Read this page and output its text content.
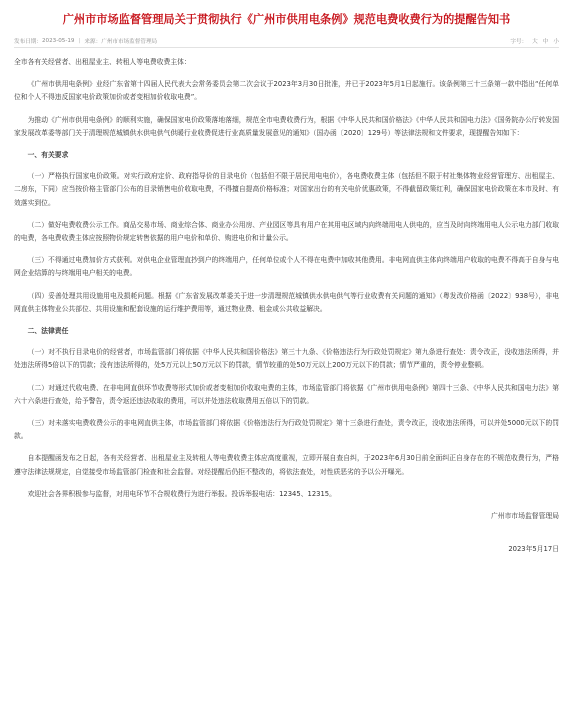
广州市市场监督管理局关于贯彻执行《广州市供用电条例》规范电费收费行为的提醒告知书
发布日期： 2023-05-19 | 来源： 广州市市场监督管理局	字号： 大 中 小

全市各有关经营者、出租屋业主、转租人等电费收费主体：

《广州市供用电条例》业经广东省第十四届人民代表大会常务委员会第二次会议于2023年3月30日批准，并已于2023年5月1日起施行。该条例第三十三条第一款中指出“任何单位和个人不得违反国家电价政策加价或者变相加价收取电费”。

为推动《广州市供用电条例》的顺利实施，确保国家电价政策落地落细，规范全市电费收费行为，根据《中华人民共和国价格法》《中华人民共和国电力法》《国务院办公厅转发国家发展改革委等部门关于清理规范城镇供水供电供气供暖行业收费促进行业高质量发展意见的通知》（国办函〔2020〕129号）等法律法规和文件要求，现提醒告知如下：

一、有关要求

（一）严格执行国家电价政策。对实行政府定价、政府指导价的目录电价（包括但不限于居民用电电价），各电费收费主体（包括但不限于村社集体物业经营管理方、出租屋主、二房东，下同）应当按价格主管部门公布的目录销售电价收取电费，不得擅自提高价格标准；对国家出台的有关电价优惠政策，不得截留政策红利，确保国家电价政策在本市及时、有效落实到位。

（二）做好电费收费公示工作。商品交易市场、商业综合体、商业办公用房、产业园区等具有用户在其用电区域内向终端用电人供电的，应当及时向终端用电人公示电力部门收取的电费，各电费收费主体应按照物价规定转售依据的用户电价和单价、购进电价和计量公示。

（三）不得通过电费加价方式获利。对供电企业管理直抄到户的终端用户，任何单位或个人不得在电费中加收其他费用。非电网直供主体向终端用户收取的电费不得高于自身与电网企业结算的与终端用电户相关的电费。

（四）妥善处理共用设施用电及损耗问题。根据《广东省发展改革委关于进一步清理规范城镇供水供电供气等行业收费有关问题的通知》（粤发改价格函〔2022〕938号），非电网直供主体物业公共部位、共用设施和配套设施的运行维护费用等，通过物业费、租金或公共收益解决。

二、法律责任

（一）对不执行目录电价的经营者，市场监管部门将依据《中华人民共和国价格法》第三十九条、《价格违法行为行政处罚规定》第九条进行查处：责令改正，没收违法所得，并处违法所得5倍以下的罚款；没有违法所得的，处5万元以上50万元以下的罚款，情节较重的处50万元以上200万元以下的罚款；情节严重的，责令停业整顿。

（二）对通过代收电费、在非电网直供环节收费等形式加价或者变相加价收取电费的主体，市场监管部门将依据《广州市供用电条例》第四十三条、《中华人民共和国电力法》第六十六条进行查处，给予警告，责令返还违法收取的费用，可以并处违法收取费用五倍以下的罚款。

（三）对未落实电费收费公示的非电网直供主体，市场监管部门将依据《价格违法行为行政处罚规定》第十三条进行查处，责令改正，没收违法所得，可以并处5000元以下的罚款。

自本提醒函发布之日起，各有关经营者、出租屋业主及转租人等电费收费主体应高度重视，立即开展自查自纠，于2023年6月30日前全面纠正自身存在的不规范收费行为，严格遵守法律法规规定，自觉接受市场监管部门检查和社会监督。对经提醒后仍拒不整改的，将依法查处，对性质恶劣的予以公开曝光。

欢迎社会各界积极参与监督，对用电环节不合规收费行为进行举报。投诉举报电话：12345、12315。

广州市市场监督管理局
2023年5月17日
